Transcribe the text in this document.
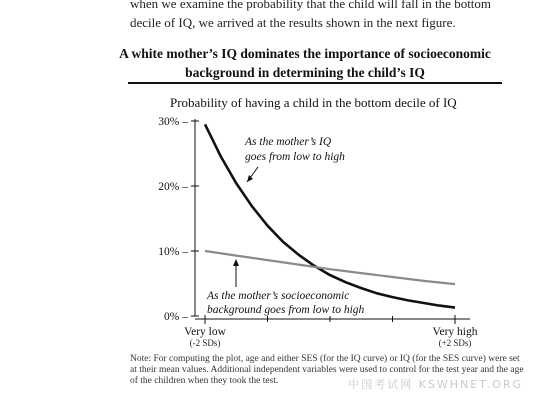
when we examine the probability that the child will fall in the bottom decile of IQ, we arrived at the results shown in the next figure.
A white mother’s IQ dominates the importance of socioeconomic background in determining the child’s IQ
Probability of having a child in the bottom decile of IQ
0% –
10% –
20% –
30% –
Very low
(-2 SDs)
Very high
(+2 SDs)
As the mother’s IQ
goes from low to high
As the mother’s socioeconomic
background goes from low to high
Note: For computing the plot, age and either SES (for the IQ curve) or IQ (for the SES curve) were set at their mean values. Additional independent variables were used to control for the test year and the age of the children when they took the test.	中国考试网 KSWHNET.ORG
